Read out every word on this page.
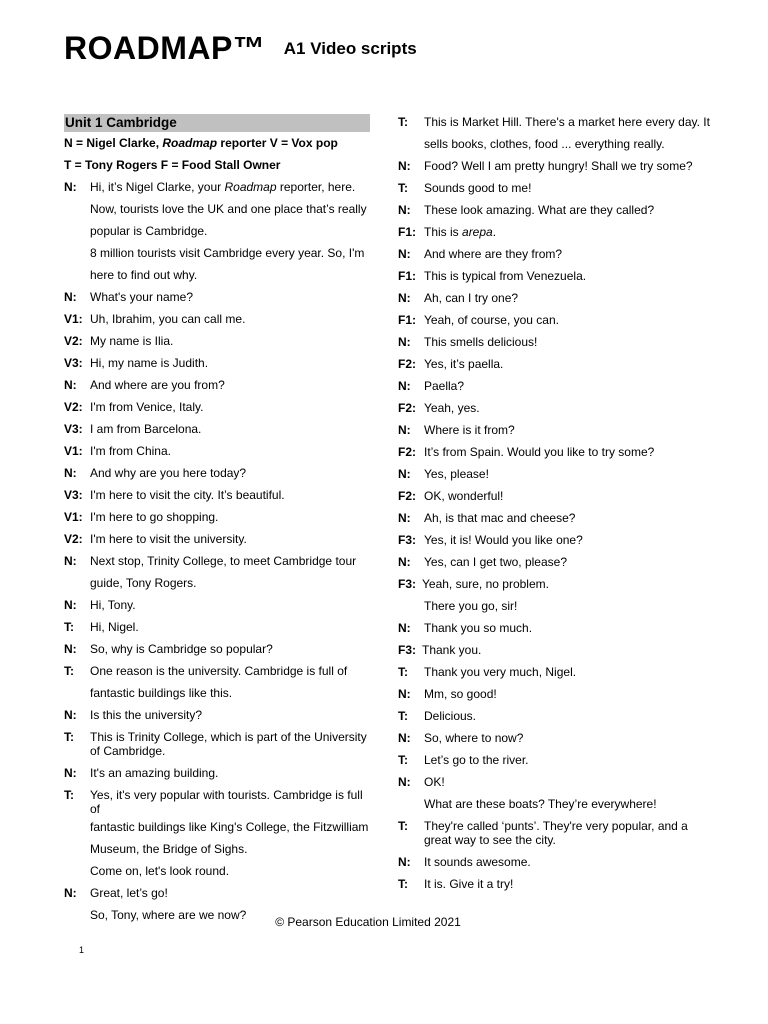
ROADMAP™ A1 Video scripts
Unit 1 Cambridge
N = Nigel Clarke, Roadmap reporter V = Vox pop
T = Tony Rogers F = Food Stall Owner
N:	Hi, it’s Nigel Clarke, your Roadmap reporter, here.
Now, tourists love the UK and one place that’s really
popular is Cambridge.
8 million tourists visit Cambridge every year. So, I'm
here to find out why.
N:	What's your name?
V1: Uh, Ibrahim, you can call me.
V2: My name is Ilia.
V3: Hi, my name is Judith.
N:	And where are you from?
V2: I'm from Venice, Italy.
V3: I am from Barcelona.
V1: I'm from China.
N:	And why are you here today?
V3: I'm here to visit the city. It’s beautiful.
V1: I'm here to go shopping.
V2: I'm here to visit the university.
N:	Next stop, Trinity College, to meet Cambridge tour
guide, Tony Rogers.
N:	Hi, Tony.
T:	Hi, Nigel.
N:	So, why is Cambridge so popular?
T:	One reason is the university. Cambridge is full of
fantastic buildings like this.
N:	Is this the university?
T:	This is Trinity College, which is part of the University of Cambridge.
N:	It's an amazing building.
T:	Yes, it's very popular with tourists. Cambridge is full of
fantastic buildings like King's College, the Fitzwilliam
Museum, the Bridge of Sighs.
Come on, let's look round.
N:	Great, let’s go!
So, Tony, where are we now?
T:	This is Market Hill. There's a market here every day. It
sells books, clothes, food ... everything really.
N:	Food? Well I am pretty hungry! Shall we try some?
T:	Sounds good to me!
N:	These look amazing. What are they called?
F1: This is arepa.
N:	And where are they from?
F1: This is typical from Venezuela.
N:	Ah, can I try one?
F1: Yeah, of course, you can.
N:	This smells delicious!
F2: Yes, it’s paella.
N:	Paella?
F2: Yeah, yes.
N:	Where is it from?
F2: It’s from Spain. Would you like to try some?
N:	Yes, please!
F2: OK, wonderful!
N:	Ah, is that mac and cheese?
F3: Yes, it is! Would you like one?
N:	Yes, can I get two, please?
F3: Yeah, sure, no problem.
There you go, sir!
N:	Thank you so much.
F3: Thank you.
T:	Thank you very much, Nigel.
N:	Mm, so good!
T:	Delicious.
N:	So, where to now?
T:	Let’s go to the river.
N:	OK!
What are these boats? They’re everywhere!
T:	They're called ‘punts’. They're very popular, and a great way to see the city.
N:	It sounds awesome.
T:	It is. Give it a try!
© Pearson Education Limited 2021
1
